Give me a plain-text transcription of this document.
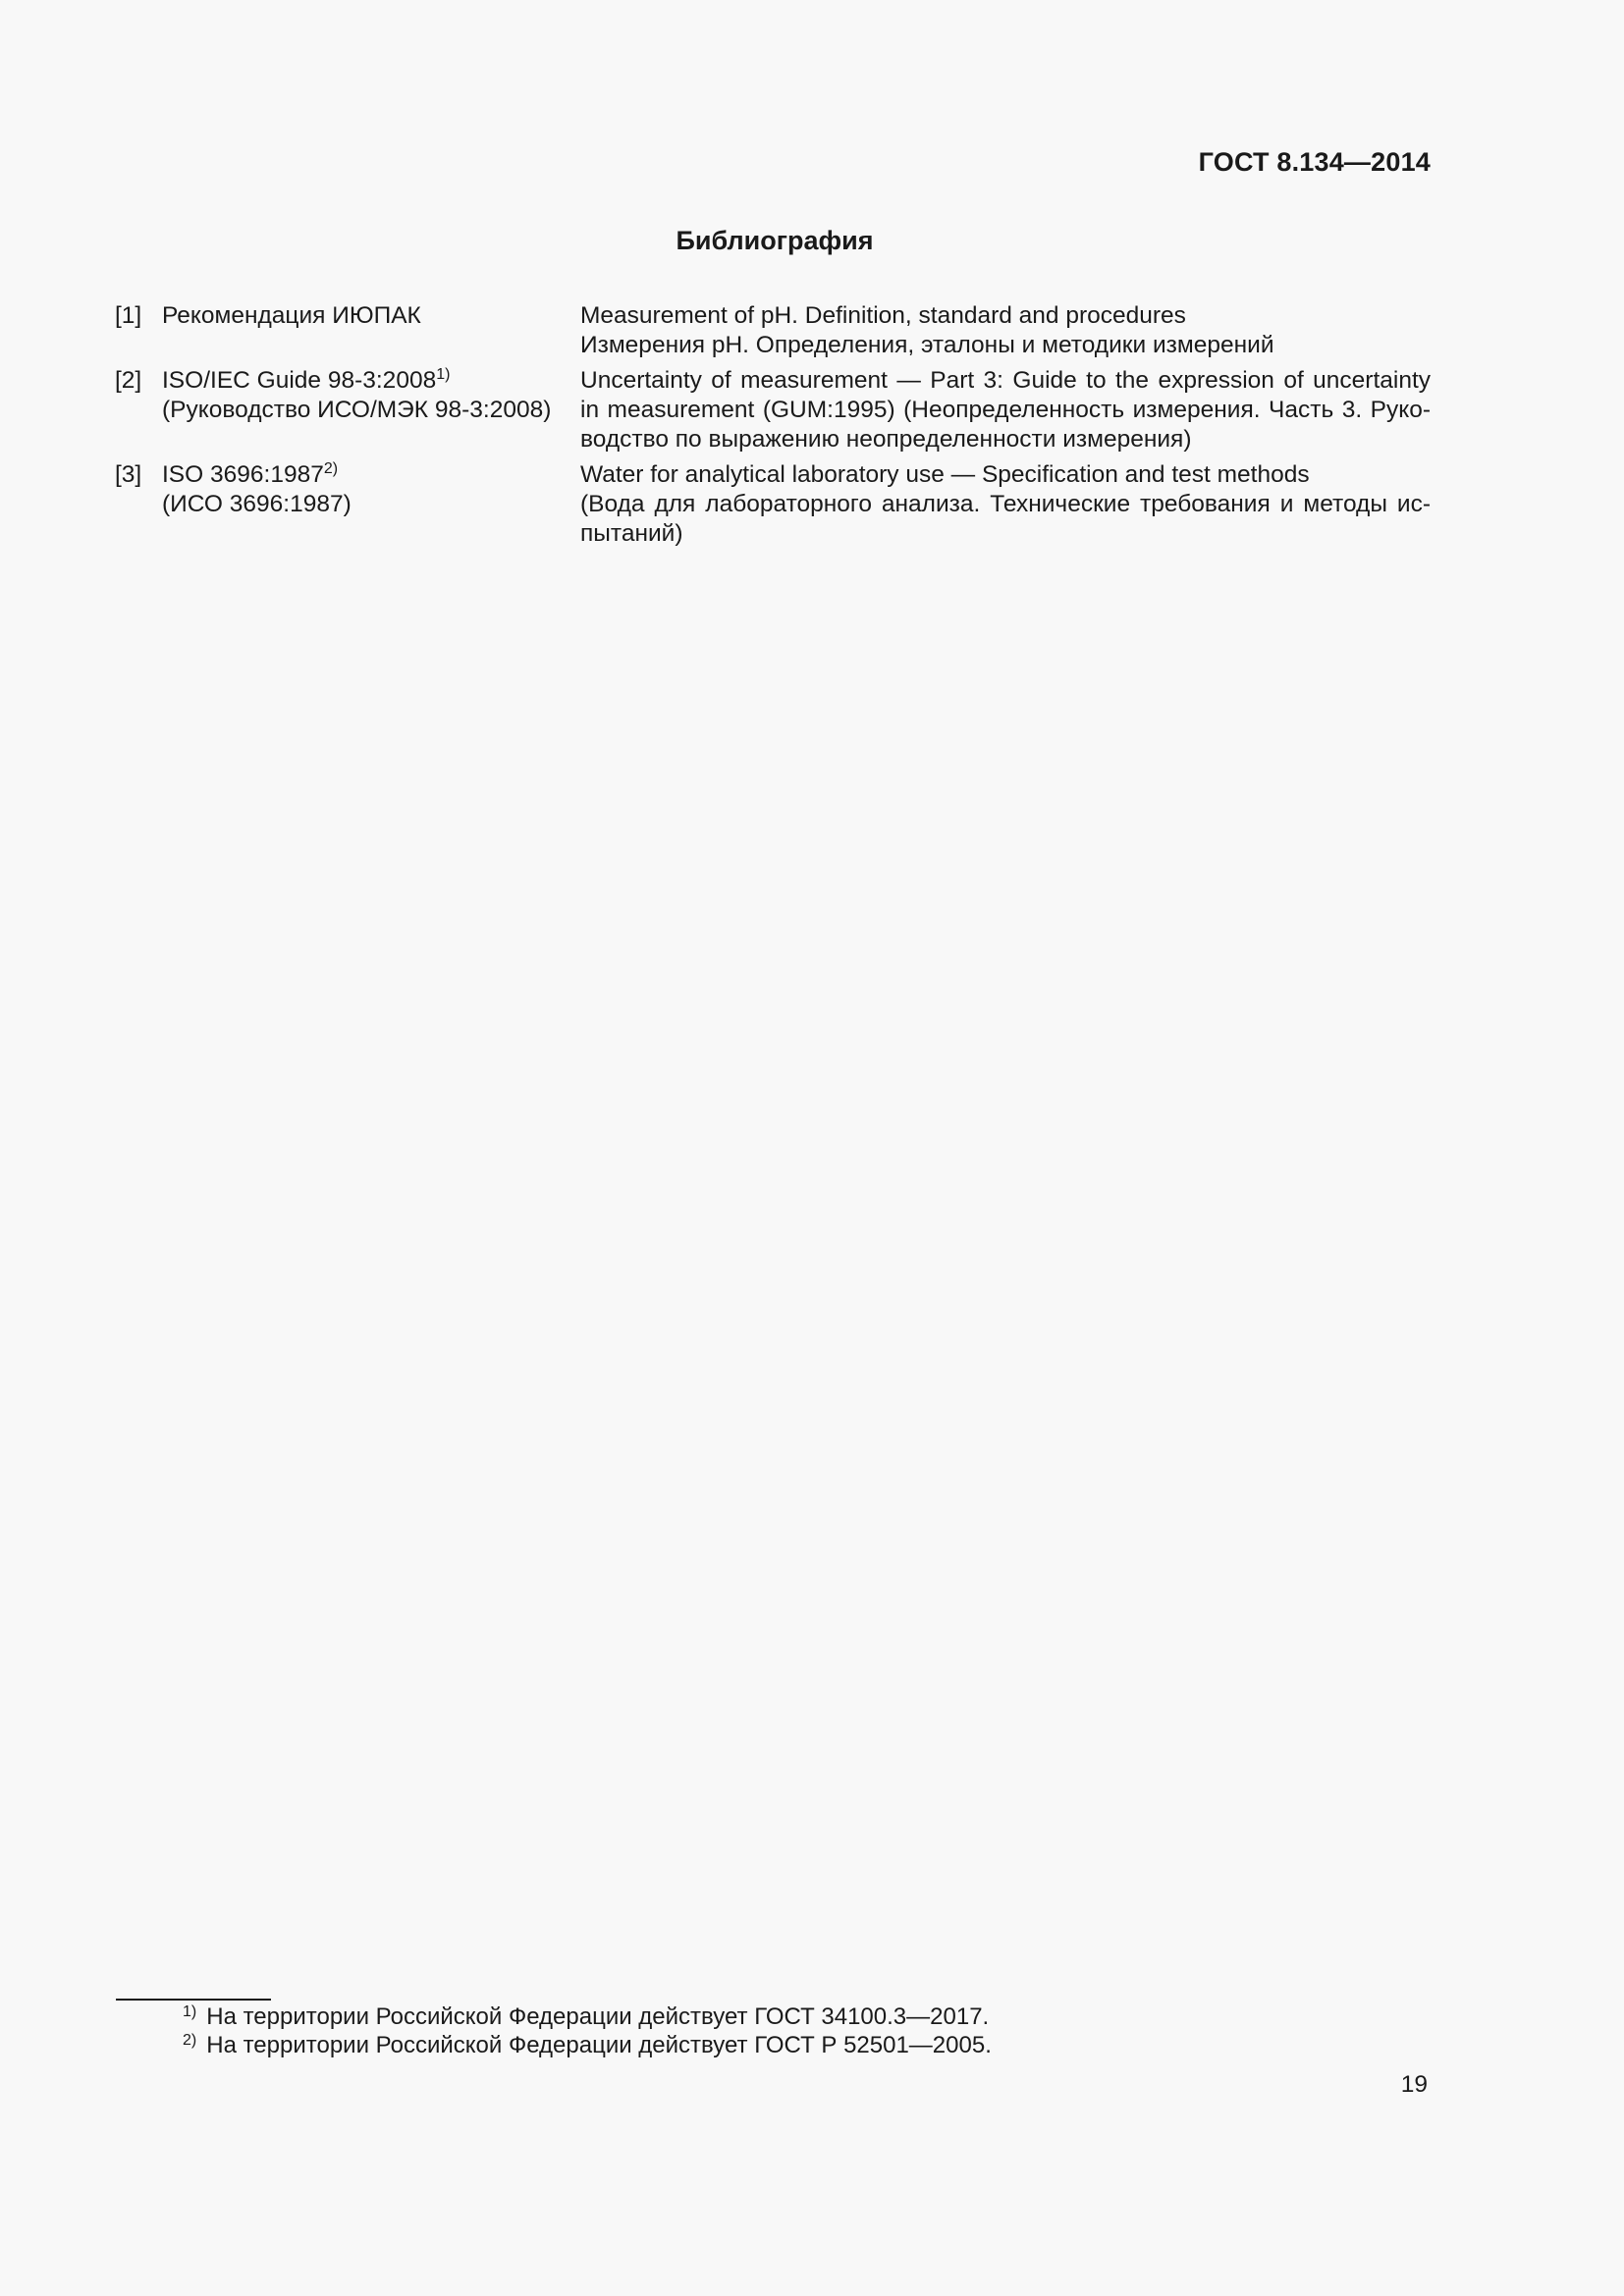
ГОСТ 8.134—2014

Библиография
[1] Рекомендация ИЮПАК	Measurement of pH. Definition, standard and procedures
Измерения pH. Определения, эталоны и методики измерений
[2] ISO/IEC Guide 98-3:2008$^{1)}$
(Руководство ИСО/МЭК 98-3:2008)
Uncertainty of measurement — Part 3: Guide to the expression of uncertainty
in measurement (GUM:1995) (Неопределенность измерения. Часть 3. Руко-
водство по выражению неопределенности измерения)
[3] ISO 3696:1987$^{2)}$
(ИСО 3696:1987)
Water for analytical laboratory use — Specification and test methods
(Вода для лабораторного анализа. Технические требования и методы ис-
пытаний)
$^{1)}$ На территории Российской Федерации действует ГОСТ 34100.3—2017.
$^{2)}$ На территории Российской Федерации действует ГОСТ Р 52501—2005.
19
